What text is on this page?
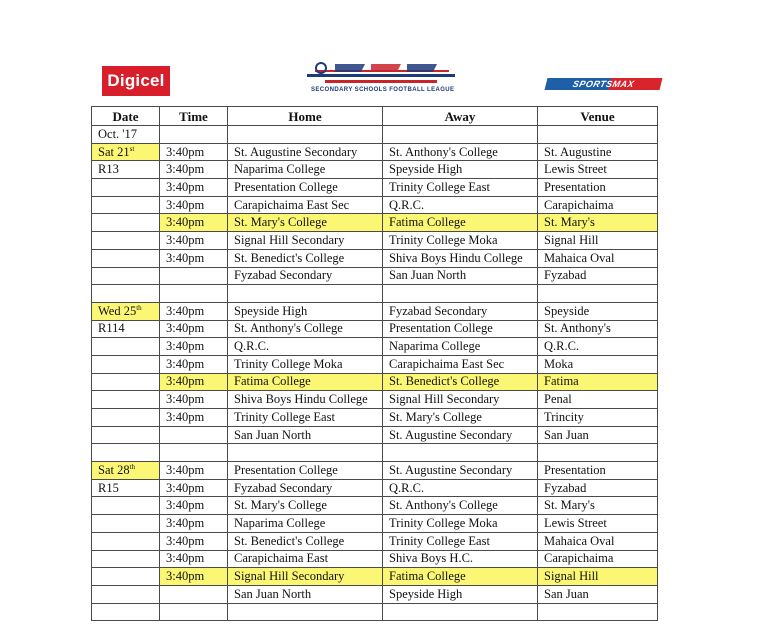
Digicel	SECONDARY SCHOOLS FOOTBALL LEAGUE
SPORTSMAX
Date	Time	Home	Away	Venue
Oct. '17				
Sat 21st	3:40pm	St. Augustine Secondary	St. Anthony's College	St. Augustine
R13	3:40pm	Naparima College	Speyside High	Lewis Street
	3:40pm	Presentation College	Trinity College East	Presentation
	3:40pm	Carapichaima East Sec	Q.R.C.	Carapichaima
	3:40pm	St. Mary's College	Fatima College	St. Mary's
	3:40pm	Signal Hill Secondary	Trinity College Moka	Signal Hill
	3:40pm	St. Benedict's College	Shiva Boys Hindu College	Mahaica Oval
		Fyzabad Secondary	San Juan North	Fyzabad

Wed 25th	3:40pm	Speyside High	Fyzabad Secondary	Speyside
R114	3:40pm	St. Anthony's College	Presentation College	St. Anthony's
	3:40pm	Q.R.C.	Naparima College	Q.R.C.
	3:40pm	Trinity College Moka	Carapichaima East Sec	Moka
	3:40pm	Fatima College	St. Benedict's College	Fatima
	3:40pm	Shiva Boys Hindu College	Signal Hill Secondary	Penal
	3:40pm	Trinity College East	St. Mary's College	Trincity
		San Juan North	St. Augustine Secondary	San Juan

Sat 28th	3:40pm	Presentation College	St. Augustine Secondary	Presentation
R15	3:40pm	Fyzabad Secondary	Q.R.C.	Fyzabad
	3:40pm	St. Mary's College	St. Anthony's College	St. Mary's
	3:40pm	Naparima College	Trinity College Moka	Lewis Street
	3:40pm	St. Benedict's College	Trinity College East	Mahaica Oval
	3:40pm	Carapichaima East	Shiva Boys H.C.	Carapichaima
	3:40pm	Signal Hill Secondary	Fatima College	Signal Hill
		San Juan North	Speyside High	San Juan
